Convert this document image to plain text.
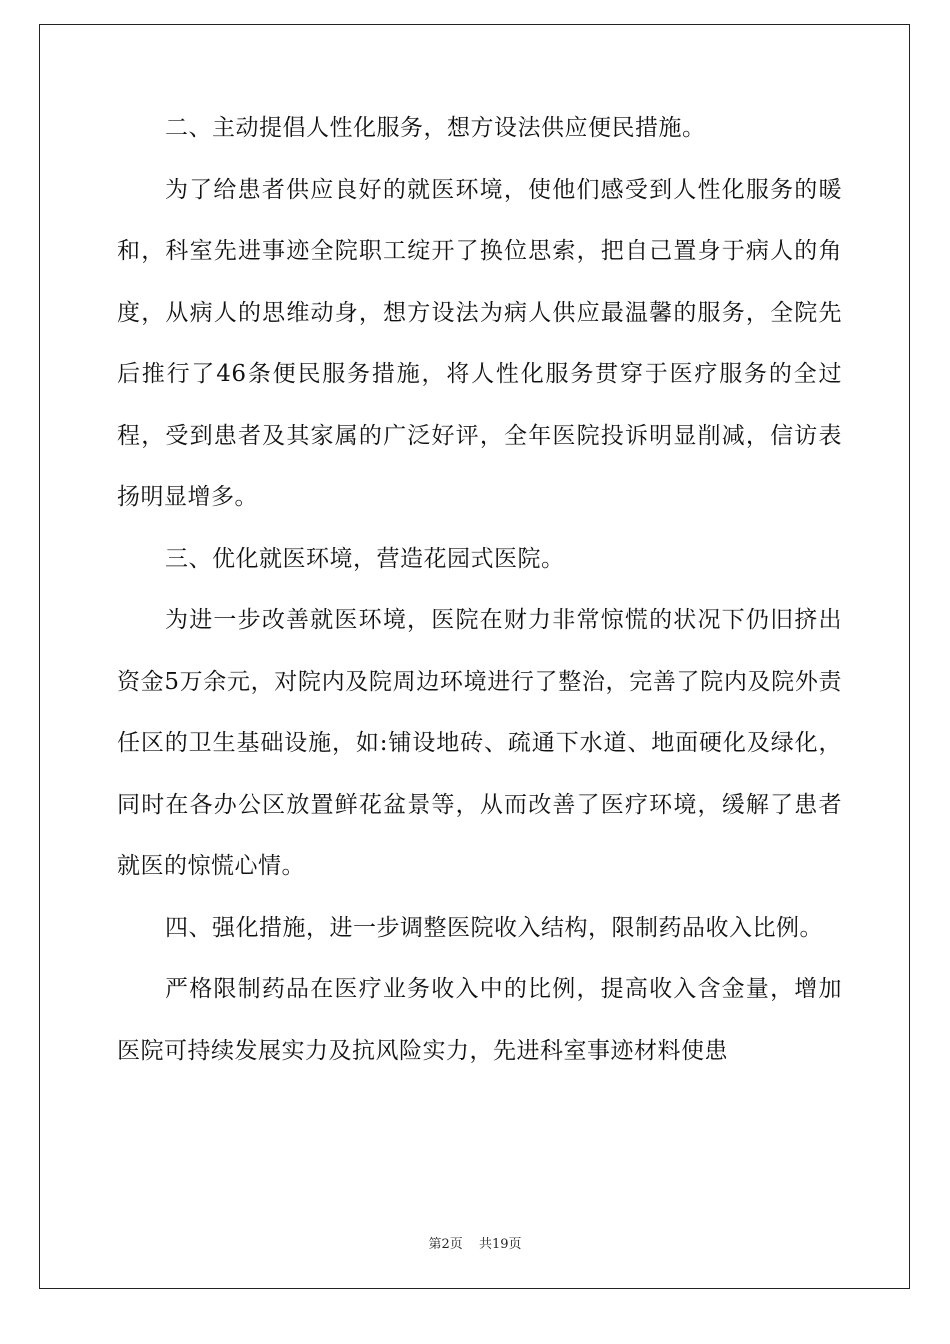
二、主动提倡人性化服务，想方设法供应便民措施。

为了给患者供应良好的就医环境，使他们感受到人性化服务的暖和，科室先进事迹全院职工绽开了换位思索，把自己置身于病人的角度，从病人的思维动身，想方设法为病人供应最温馨的服务，全院先后推行了46条便民服务措施，将人性化服务贯穿于医疗服务的全过程，受到患者及其家属的广泛好评，全年医院投诉明显削减，信访表扬明显增多。

三、优化就医环境，营造花园式医院。

为进一步改善就医环境，医院在财力非常惊慌的状况下仍旧挤出资金5万余元，对院内及院周边环境进行了整治，完善了院内及院外责任区的卫生基础设施，如:铺设地砖、疏通下水道、地面硬化及绿化，同时在各办公区放置鲜花盆景等，从而改善了医疗环境，缓解了患者就医的惊慌心情。

四、强化措施，进一步调整医院收入结构，限制药品收入比例。

严格限制药品在医疗业务收入中的比例，提高收入含金量，增加医院可持续发展实力及抗风险实力，先进科室事迹材料使患

第2页 共19页
